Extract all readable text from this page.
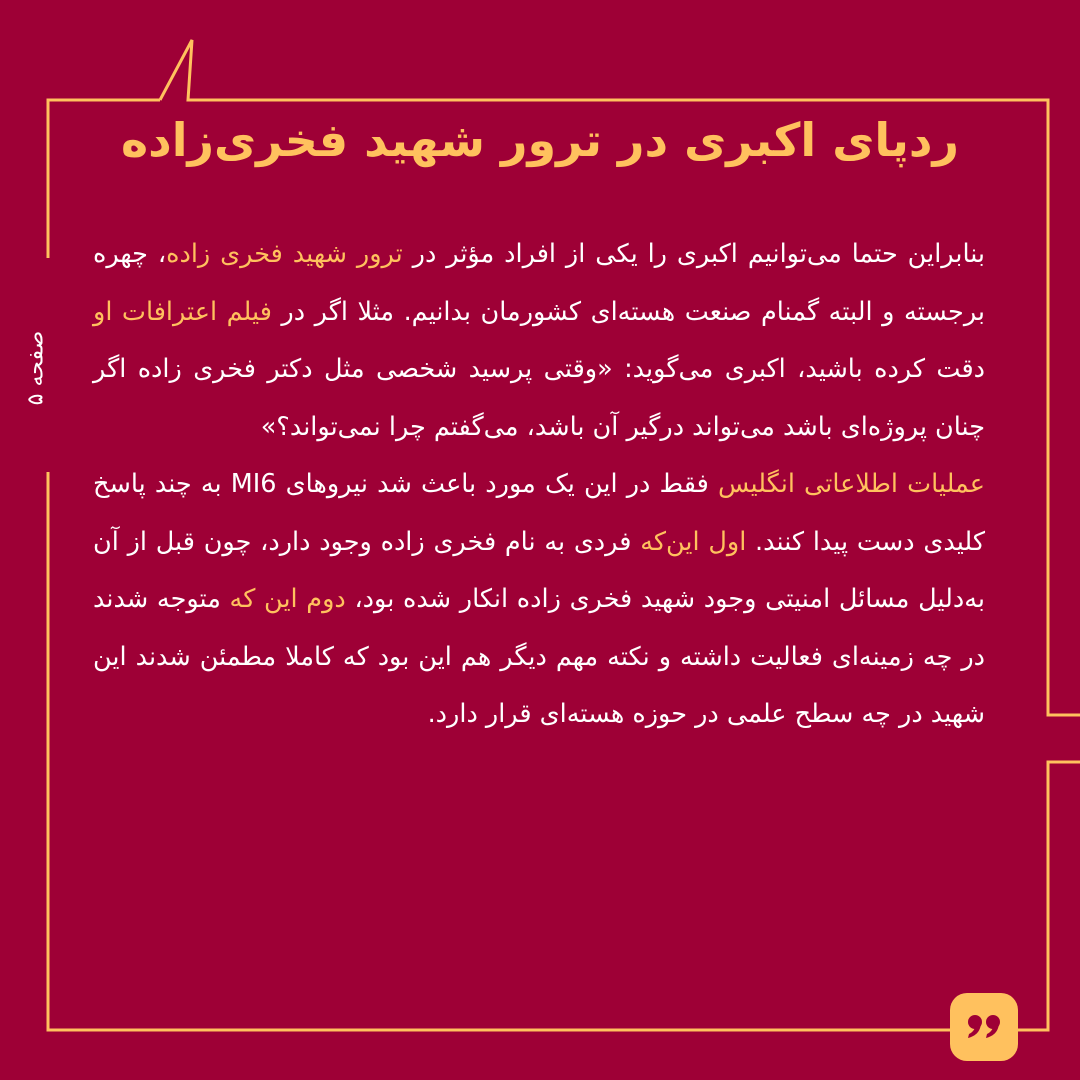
ردپای اکبری در ترور شهید فخری‌زاده
صفحه ۵

بنابراین حتما می‌توانیم اکبری را یکی از افراد مؤثر در ترور شهید فخری زاده، چهره برجسته و البته گمنام صنعت هسته‌ای کشورمان بدانیم. مثلا اگر در فیلم اعترافات او دقت کرده باشید، اکبری می‌گوید: «وقتی پرسید شخصی مثل دکتر فخری زاده اگر چنان پروژه‌ای باشد می‌تواند درگیر آن باشد، می‌گفتم چرا نمی‌تواند؟»

عملیات اطلاعاتی انگلیس فقط در این یک مورد باعث شد نیروهای MI6 به چند پاسخ کلیدی دست پیدا کنند. اول این‌که فردی به نام فخری زاده وجود دارد، چون قبل از آن به‌دلیل مسائل امنیتی وجود شهید فخری زاده انکار شده بود، دوم این که متوجه شدند در چه زمینه‌ای فعالیت داشته و نکته مهم دیگر هم این بود که کاملا مطمئن شدند این شهید در چه سطح علمی در حوزه هسته‌ای قرار دارد.
